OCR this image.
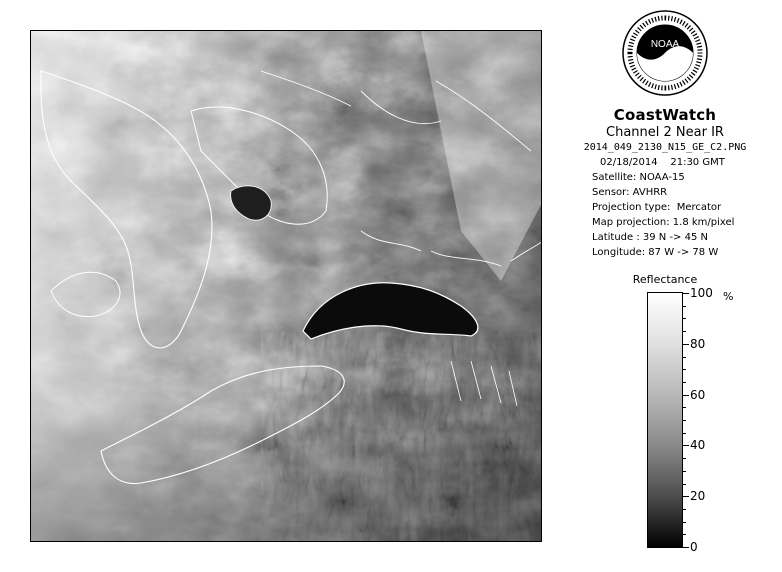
NOAA
CoastWatch
Channel 2 Near IR
2014_049_2130_N15_GE_C2.PNG
02/18/2014    21:30 GMT
Satellite: NOAA-15
Sensor: AVHRR
Projection type:  Mercator
Map projection: 1.8 km/pixel
Latitude : 39 N -> 45 N
Longitude: 87 W -> 78 W
Reflectance
%
100
80
60
40
20
0
